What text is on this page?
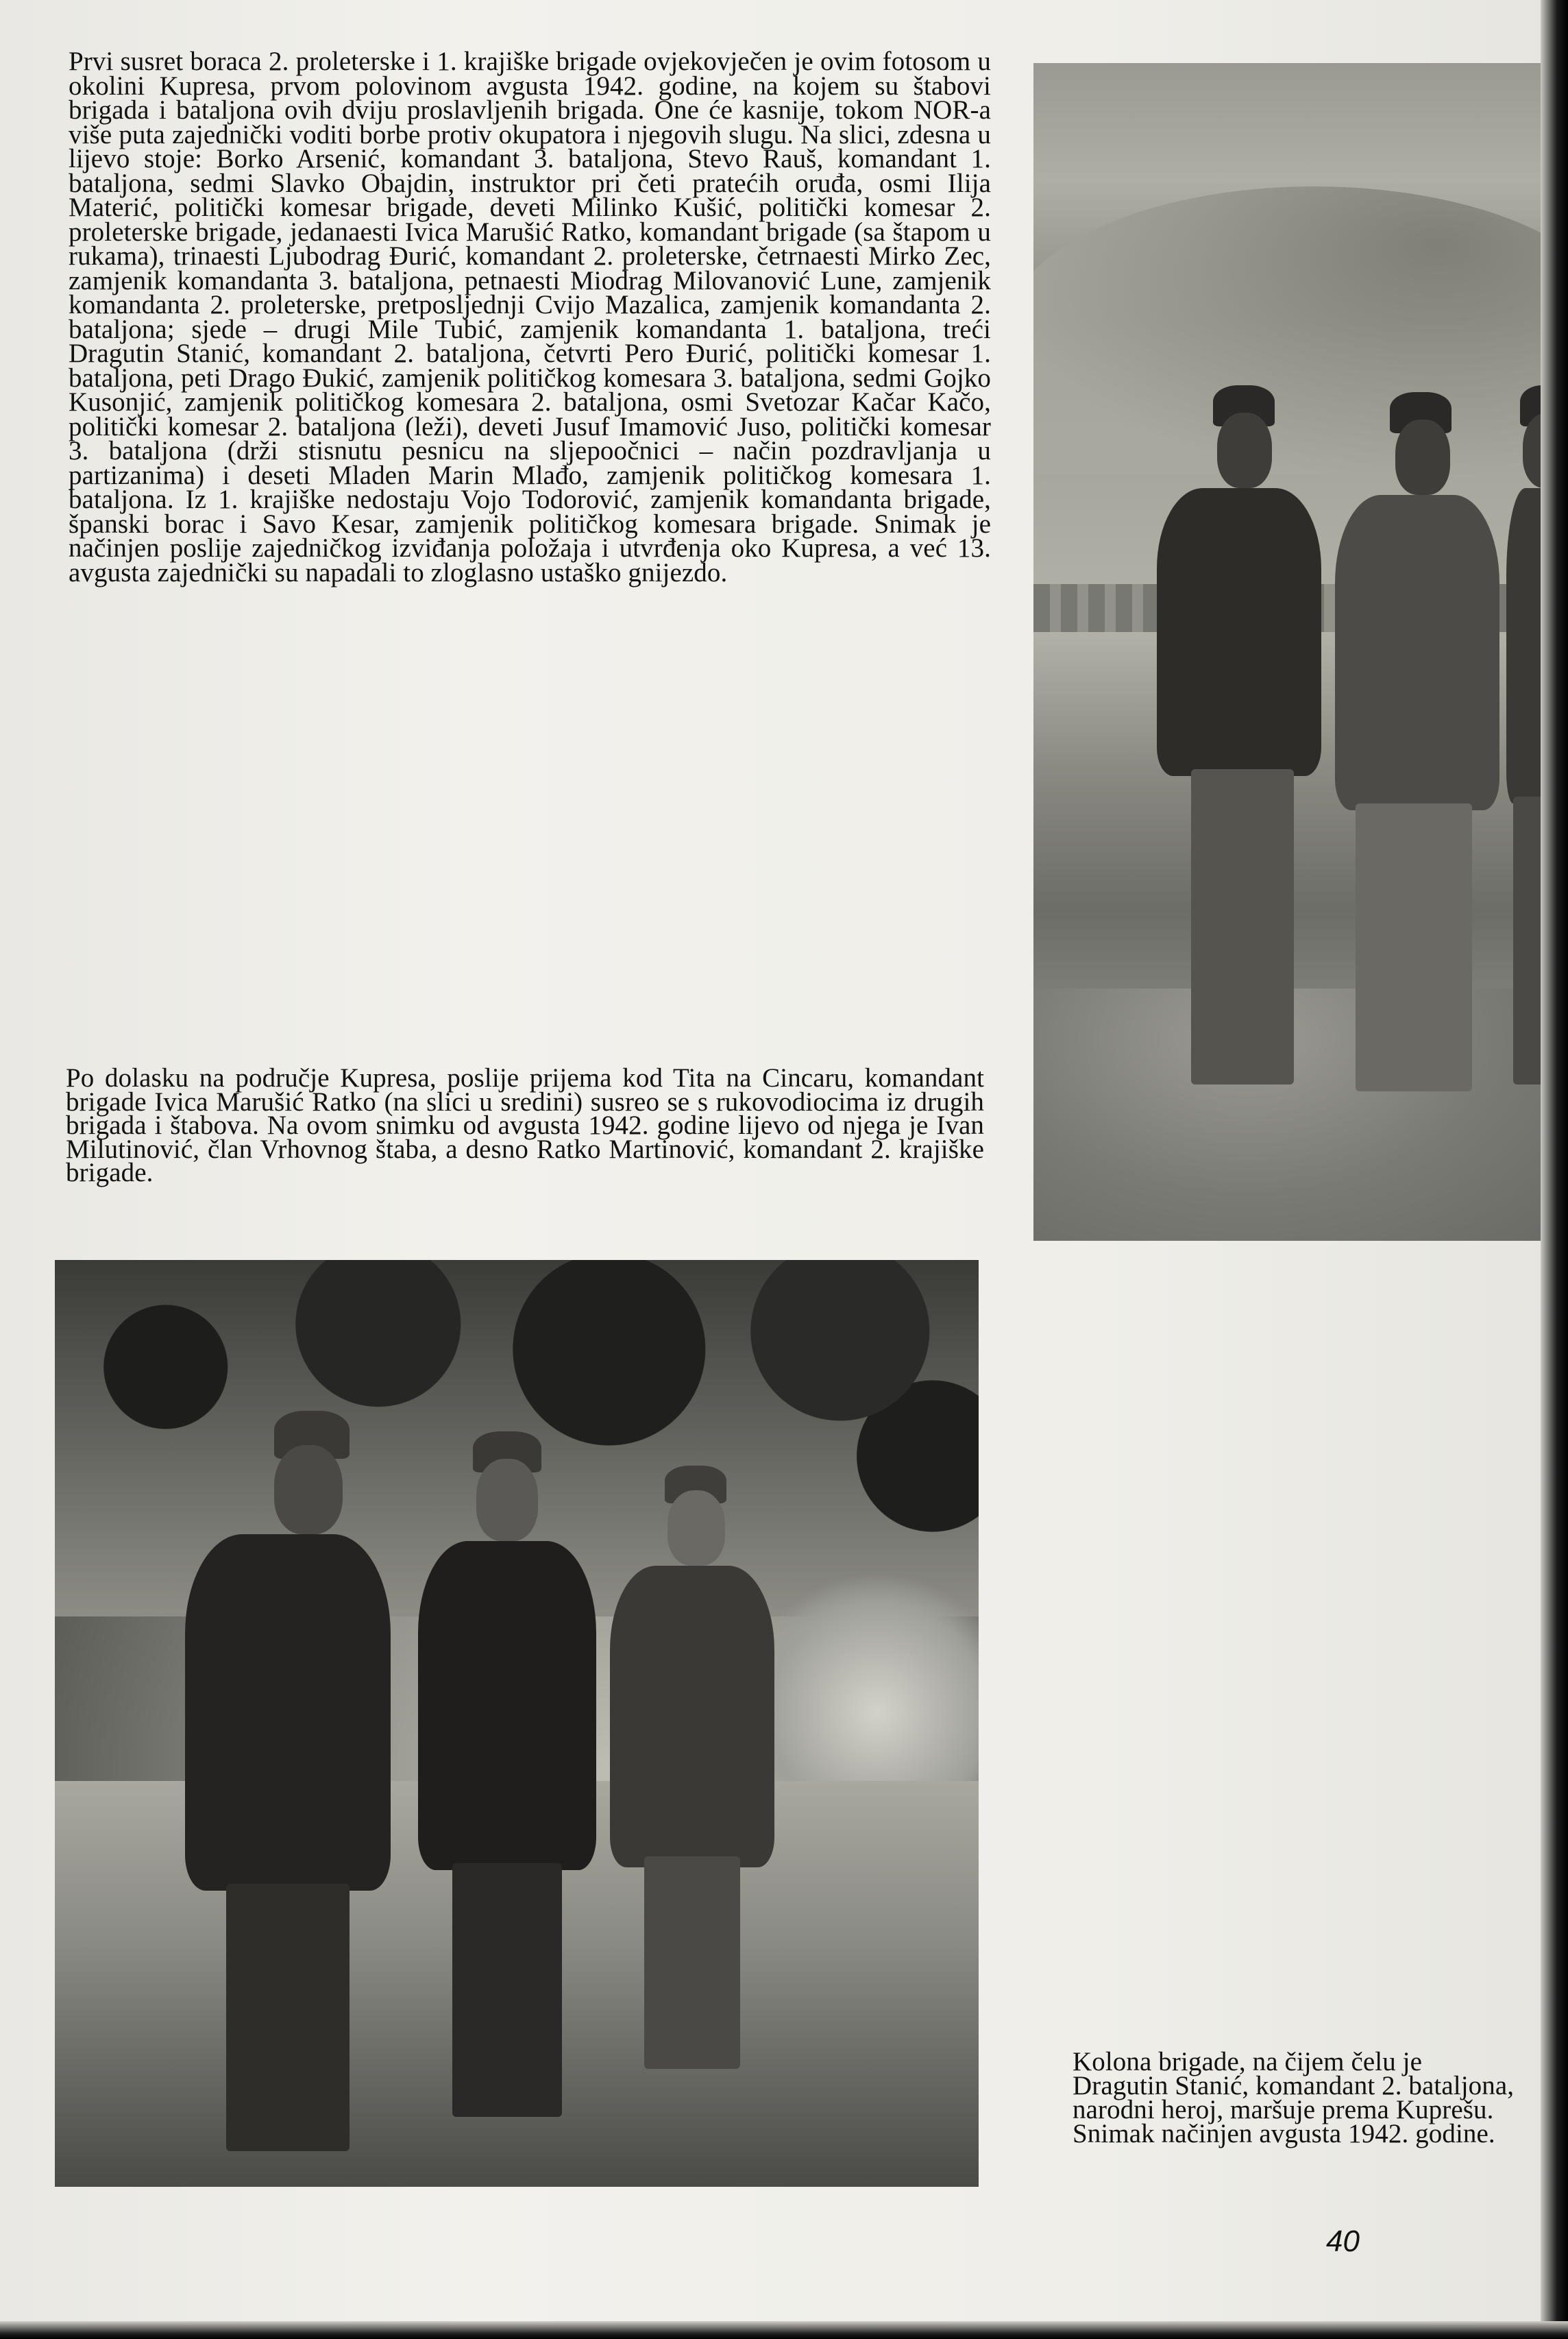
Prvi susret boraca 2. proleterske i 1. krajiške brigade ovjekovječen je ovim fotosom u okolini Kupresa, prvom polovinom avgusta 1942. godine, na kojem su štabovi brigada i bataljona ovih dviju proslavljenih brigada. One će kasnije, tokom NOR-a više puta zajednički voditi borbe protiv okupatora i njegovih slugu. Na slici, zdesna u lijevo stoje: Borko Arsenić, komandant 3. bataljona, Stevo Rauš, komandant 1. bataljona, sedmi Slavko Obajdin, instruktor pri četi pratećih oruđa, osmi Ilija Materić, politički komesar brigade, deveti Milinko Kušić, politički komesar 2. proleterske brigade, jedanaesti Ivica Marušić Ratko, komandant brigade (sa štapom u rukama), trinaesti Ljubodrag Đurić, komandant 2. proleterske, četrnaesti Mirko Zec, zamjenik komandanta 3. bataljona, petnaesti Miodrag Milovanović Lune, zamjenik komandanta 2. proleterske, pretposljednji Cvijo Mazalica, zamjenik komandanta 2. bataljona; sjede – drugi Mile Tubić, zamjenik komandanta 1. bataljona, treći Dragutin Stanić, komandant 2. bataljona, četvrti Pero Đurić, politički komesar 1. bataljona, peti Drago Đukić, zamjenik političkog komesara 3. bataljona, sedmi Gojko Kusonjić, zamjenik političkog komesara 2. bataljona, osmi Svetozar Kačar Kačo, politički komesar 2. bataljona (leži), deveti Jusuf Imamović Juso, politički komesar 3. bataljona (drži stisnutu pesnicu na sljepoočnici – način pozdravljanja u partizanima) i deseti Mladen Marin Mlađo, zamjenik političkog komesara 1. bataljona. Iz 1. krajiške nedostaju Vojo Todorović, zamjenik komandanta brigade, španski borac i Savo Kesar, zamjenik političkog komesara brigade. Snimak je načinjen poslije zajedničkog izviđanja položaja i utvrđenja oko Kupresa, a već 13. avgusta zajednički su napadali to zloglasno ustaško gnijezdo.

Po dolasku na područje Kupresa, poslije prijema kod Tita na Cincaru, komandant brigade Ivica Marušić Ratko (na slici u sredini) susreo se s rukovodiocima iz drugih brigada i štabova. Na ovom snimku od avgusta 1942. godine lijevo od njega je Ivan Milutinović, član Vrhovnog štaba, a desno Ratko Martinović, komandant 2. krajiške brigade.

Kolona brigade, na čijem čelu je Dragutin Stanić, komandant 2. bataljona, narodni heroj, maršuje prema Kuprešu. Snimak načinjen avgusta 1942. godine.

40
